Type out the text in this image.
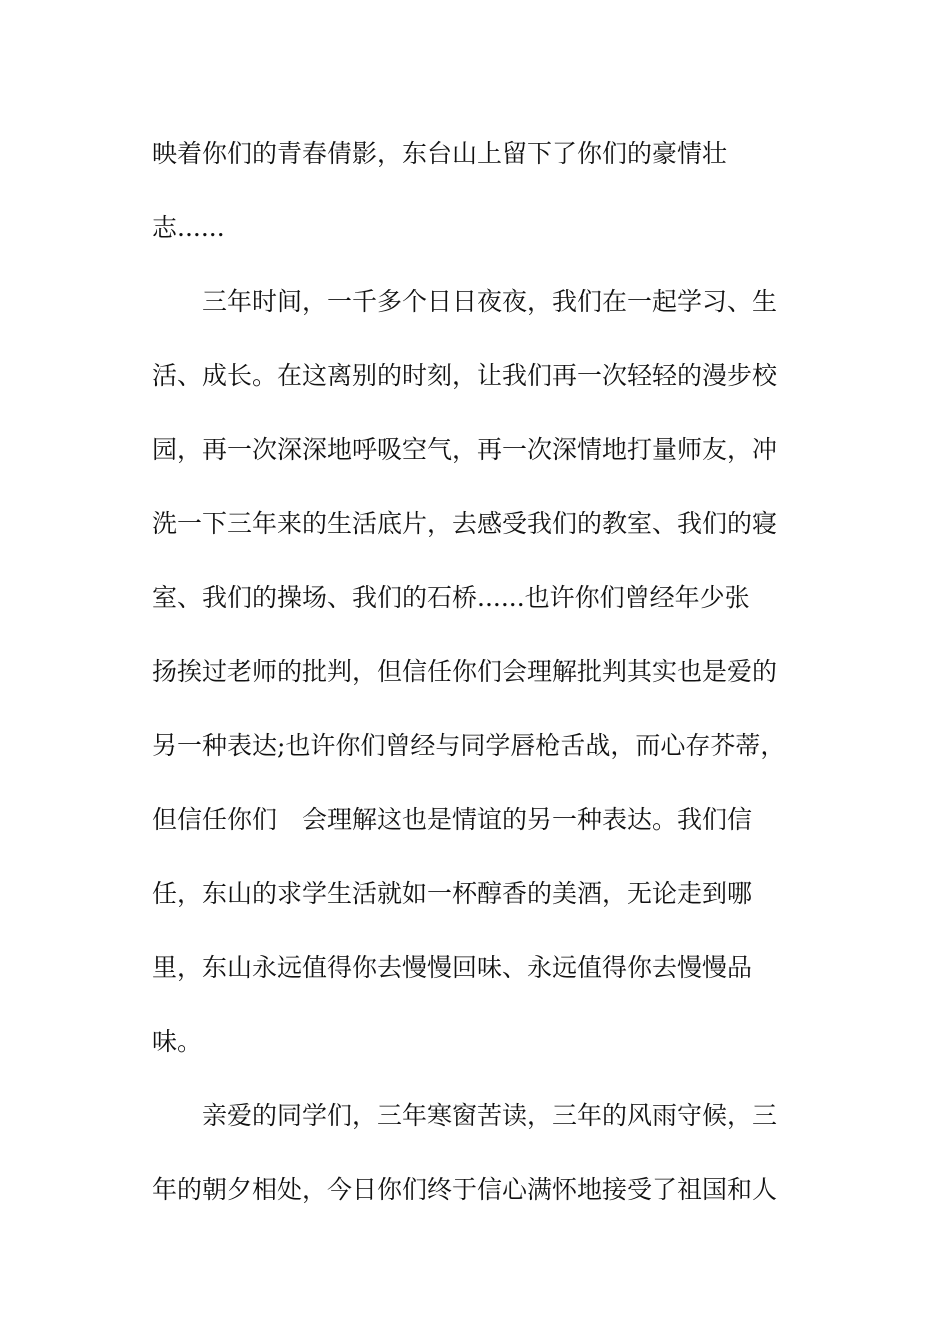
映着你们的青春倩影，东台山上留下了你们的豪情壮
志......
三年时间，一千多个日日夜夜，我们在一起学习、生
活、成长。在这离别的时刻，让我们再一次轻轻的漫步校
园，再一次深深地呼吸空气，再一次深情地打量师友，冲
洗一下三年来的生活底片，去感受我们的教室、我们的寝
室、我们的操场、我们的石桥......也许你们曾经年少张
扬挨过老师的批判，但信任你们会理解批判其实也是爱的
另一种表达;也许你们曾经与同学唇枪舌战，而心存芥蒂，
但信任你们　会理解这也是情谊的另一种表达。我们信
任，东山的求学生活就如一杯醇香的美酒，无论走到哪
里，东山永远值得你去慢慢回味、永远值得你去慢慢品
味。
亲爱的同学们，三年寒窗苦读，三年的风雨守候，三
年的朝夕相处，今日你们终于信心满怀地接受了祖国和人
